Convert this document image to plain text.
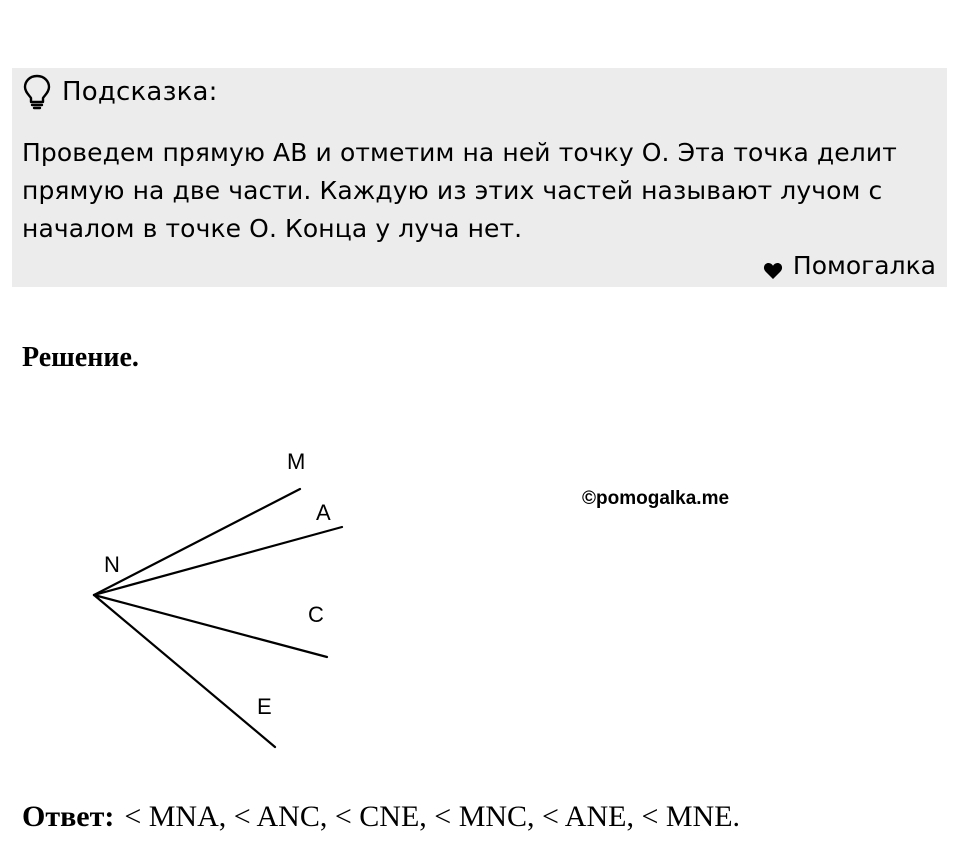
Подсказка:
Проведем прямую АВ и отметим на ней точку О. Эта точка делит прямую на две части. Каждую из этих частей называют лучом с началом в точке О. Конца у луча нет.
Помогалка
Решение.
N
M
A
C
E
©pomogalka.me
Ответ: < MNA, < ANC, < CNE, < MNC, < ANE, < MNE.
